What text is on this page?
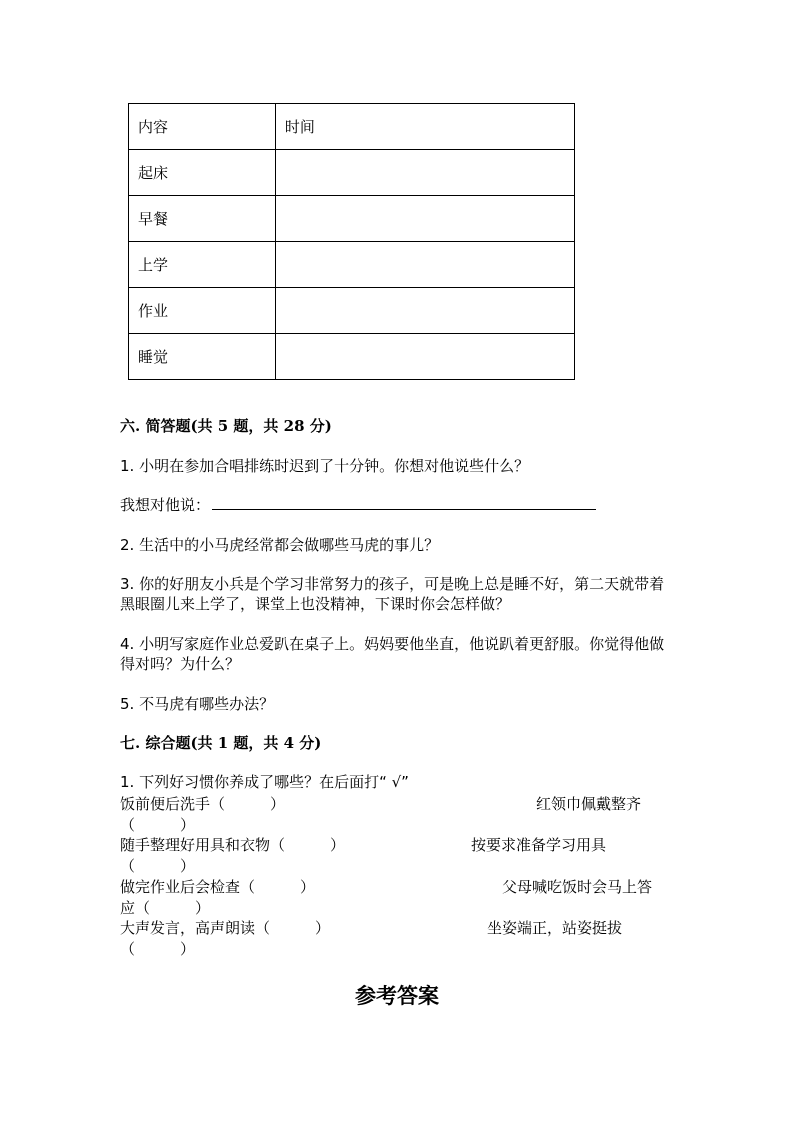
内容	时间
起床	
早餐	
上学	
作业	
睡觉	
六. 简答题(共 5 题，共 28 分)
1. 小明在参加合唱排练时迟到了十分钟。你想对他说些什么？
我想对他说：
2. 生活中的小马虎经常都会做哪些马虎的事儿？
3. 你的好朋友小兵是个学习非常努力的孩子，可是晚上总是睡不好，第二天就带着黑眼圈儿来上学了，课堂上也没精神，下课时你会怎样做？
4. 小明写家庭作业总爱趴在桌子上。妈妈要他坐直，他说趴着更舒服。你觉得他做得对吗？为什么？
5. 不马虎有哪些办法？
七. 综合题(共 1 题，共 4 分)
1. 下列好习惯你养成了哪些？在后面打“ √”
饭前便后洗手（　　　）	红领巾佩戴整齐
（　　　）
随手整理好用具和衣物（　　　）	按要求准备学习用具
（　　　）
做完作业后会检查（　　　）	父母喊吃饭时会马上答
应（　　　）
大声发言，高声朗读（　　　）	坐姿端正，站姿挺拔
（　　　）
参考答案
